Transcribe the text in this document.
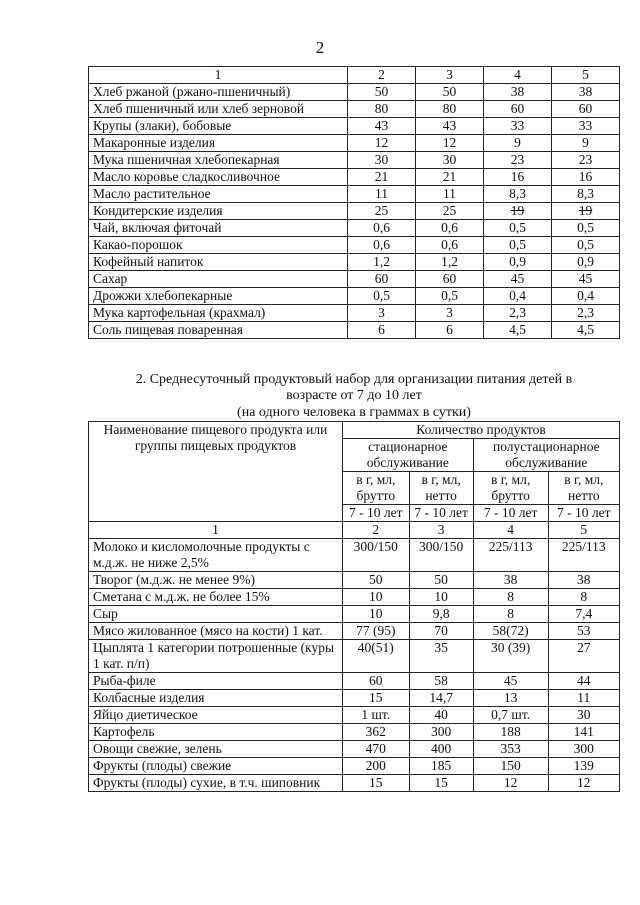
2
1	2	3	4	5
Хлеб ржаной (ржано-пшеничный)	50	50	38	38
Хлеб пшеничный или хлеб зерновой	80	80	60	60
Крупы (злаки), бобовые	43	43	33	33
Макаронные изделия	12	12	9	9
Мука пшеничная хлебопекарная	30	30	23	23
Масло коровье сладкосливочное	21	21	16	16
Масло растительное	11	11	8,3	8,3
Кондитерские изделия	25	25	19	19
Чай, включая фиточай	0,6	0,6	0,5	0,5
Какао-порошок	0,6	0,6	0,5	0,5
Кофейный напиток	1,2	1,2	0,9	0,9
Сахар	60	60	45	45
Дрожжи хлебопекарные	0,5	0,5	0,4	0,4
Мука картофельная (крахмал)	3	3	2,3	2,3
Соль пищевая поваренная	6	6	4,5	4,5
2. Среднесуточный продуктовый набор для организации питания детей в
возрасте от 7 до 10 лет
(на одного человека в граммах в сутки)
Наименование пищевого продукта или группы пищевых продуктов	Количество продуктов			
	стационарное обслуживание		полустационарное обслуживание	
	в г, мл, брутто	в г, мл, нетто	в г, мл, брутто	в г, мл, нетто
	7 - 10 лет	7 - 10 лет	7 - 10 лет	7 - 10 лет
1	2	3	4	5
Молоко и кисломолочные продукты с м.д.ж. не ниже 2,5%	300/150	300/150	225/113	225/113
Творог (м.д.ж. не менее 9%)	50	50	38	38
Сметана с м.д.ж. не более 15%	10	10	8	8
Сыр	10	9,8	8	7,4
Мясо жилованное (мясо на кости) 1 кат.	77 (95)	70	58(72)	53
Цыплята 1 категории потрошенные (куры 1 кат. п/п)	40(51)	35	30 (39)	27
Рыба-филе	60	58	45	44
Колбасные изделия	15	14,7	13	11
Яйцо диетическое	1 шт.	40	0,7 шт.	30
Картофель	362	300	188	141
Овощи свежие, зелень	470	400	353	300
Фрукты (плоды) свежие	200	185	150	139
Фрукты (плоды) сухие, в т.ч. шиповник	15	15	12	12
